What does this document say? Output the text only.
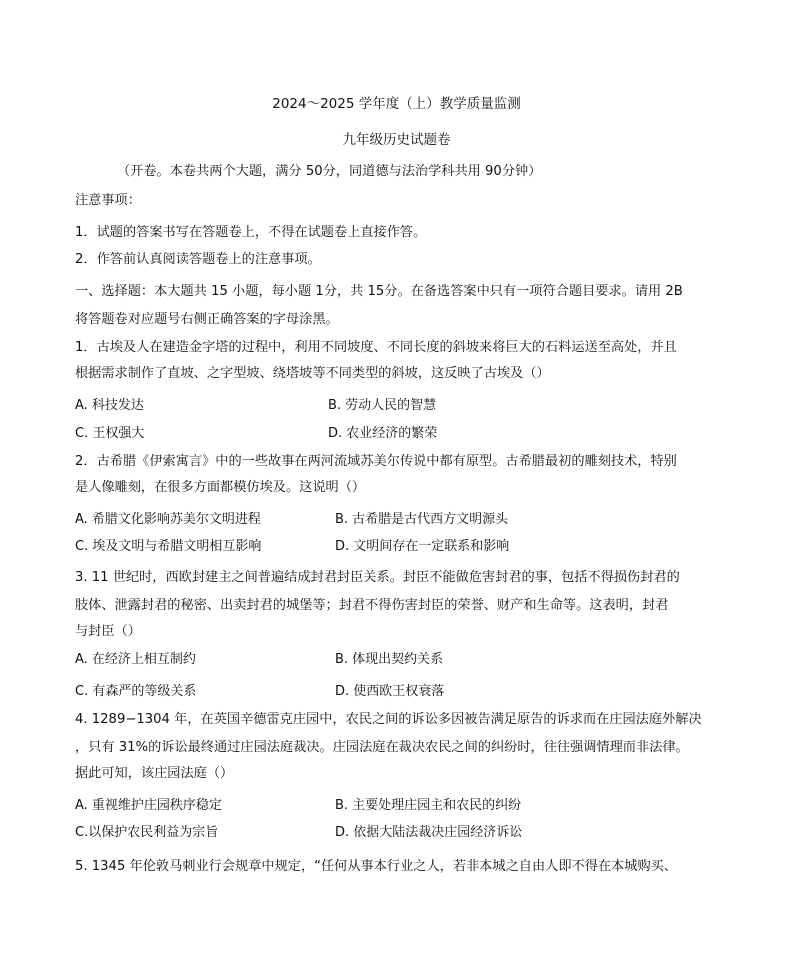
2024～2025 学年度（上）教学质量监测
九年级历史试题卷
（开卷。本卷共两个大题，满分 50分，同道德与法治学科共用 90分钟）
注意事项：
1．试题的答案书写在答题卷上，不得在试题卷上直接作答。
2．作答前认真阅读答题卷上的注意事项。
一、选择题：本大题共 15 小题，每小题 1分，共 15分。在备选答案中只有一项符合题目要求。请用 2B
将答题卷对应题号右侧正确答案的字母涂黑。
1．古埃及人在建造金字塔的过程中，利用不同坡度、不同长度的斜坡来将巨大的石料运送至高处，并且
根据需求制作了直坡、之字型坡、绕塔坡等不同类型的斜坡，这反映了古埃及（）
A. 科技发达	B. 劳动人民的智慧
C. 王权强大	D. 农业经济的繁荣
2．古希腊《伊索寓言》中的一些故事在两河流域苏美尔传说中都有原型。古希腊最初的雕刻技术，特别
是人像雕刻，在很多方面都模仿埃及。这说明（）
A. 希腊文化影响苏美尔文明进程	B. 古希腊是古代西方文明源头
C. 埃及文明与希腊文明相互影响	D. 文明间存在一定联系和影响
3. 11 世纪时，西欧封建主之间普遍结成封君封臣关系。封臣不能做危害封君的事，包括不得损伤封君的
肢体、泄露封君的秘密、出卖封君的城堡等；封君不得伤害封臣的荣誉、财产和生命等。这表明，封君
与封臣（）
A. 在经济上相互制约	B. 体现出契约关系
C. 有森严的等级关系	D. 使西欧王权衰落
4. 1289−1304 年，在英国辛德雷克庄园中，农民之间的诉讼多因被告满足原告的诉求而在庄园法庭外解决
，只有 31%的诉讼最终通过庄园法庭裁决。庄园法庭在裁决农民之间的纠纷时，往往强调情理而非法律。
据此可知，该庄园法庭（）
A. 重视维护庄园秩序稳定	B. 主要处理庄园主和农民的纠纷
C.以保护农民利益为宗旨	D. 依据大陆法裁决庄园经济诉讼
5. 1345 年伦敦马刺业行会规章中规定，“任何从事本行业之人，若非本城之自由人即不得在本城购买、
